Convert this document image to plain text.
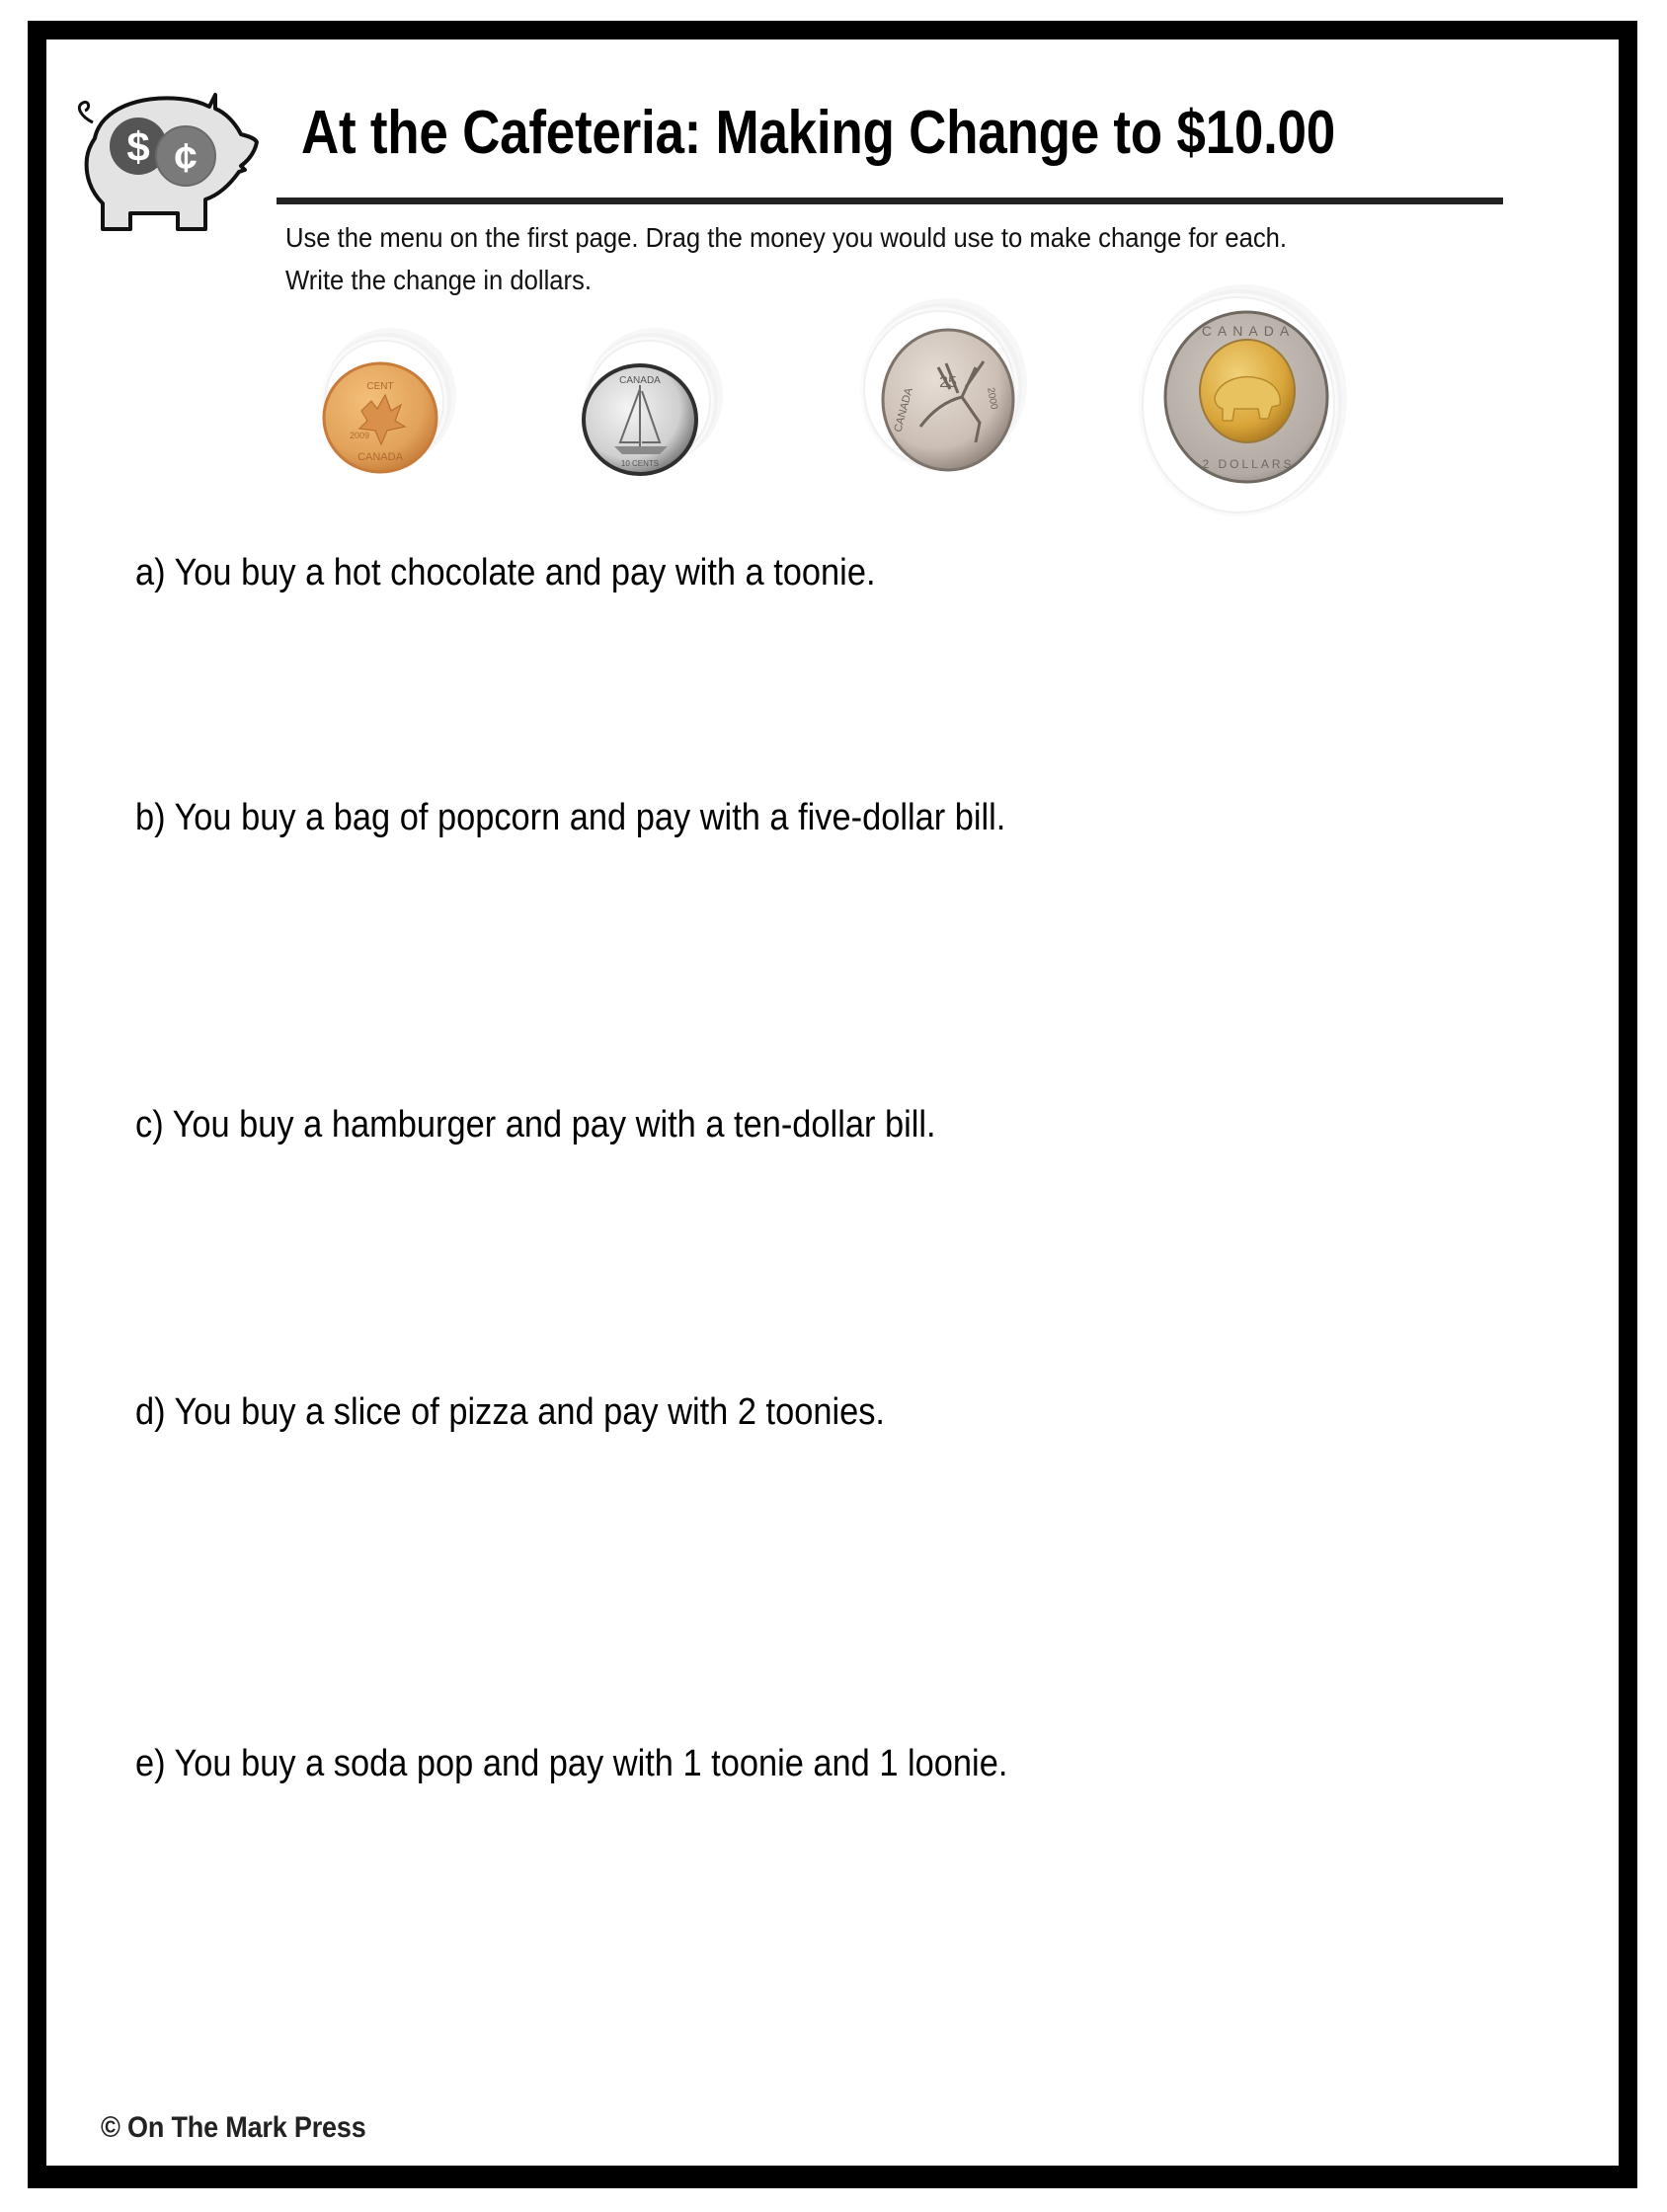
$ ¢ At the Cafeteria: Making Change to $10.00
Use the menu on the first page. Drag the money you would use to make change for each.
Write the change in dollars.
CENT
2009
CANADA
CANADA
10 CENTS
25
2000
CANADA
CANADA
2 DOLLARS
a) You buy a hot chocolate and pay with a toonie.
b) You buy a bag of popcorn and pay with a five-dollar bill.
c) You buy a hamburger and pay with a ten-dollar bill.
d) You buy a slice of pizza and pay with 2 toonies.
e) You buy a soda pop and pay with 1 toonie and 1 loonie.
© On The Mark Press
